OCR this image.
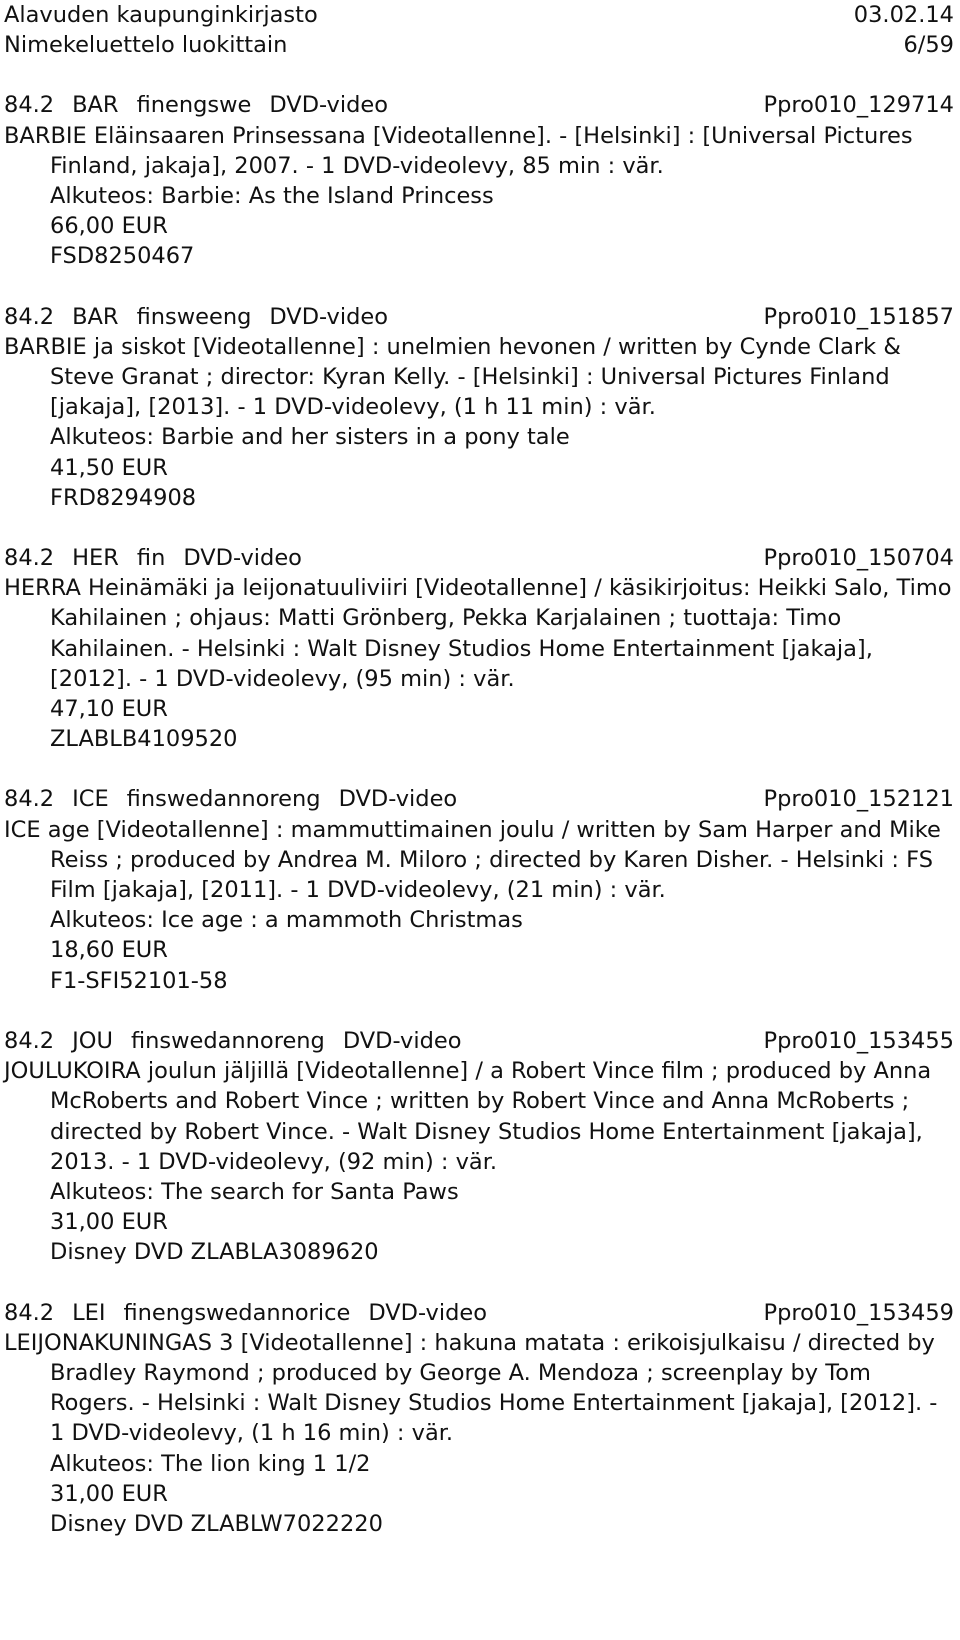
Alavuden kaupunginkirjasto	03.02.14
Nimekeluettelo luokittain	6/59
84.2 BAR finengswe DVD-video	Ppro010_129714
BARBIE Eläinsaaren Prinsessana [Videotallenne]. - [Helsinki] : [Universal Pictures Finland, jakaja], 2007. - 1 DVD-videolevy, 85 min : vär.
Alkuteos: Barbie: As the Island Princess
66,00 EUR
FSD8250467
84.2 BAR finsweeng DVD-video	Ppro010_151857
BARBIE ja siskot [Videotallenne] : unelmien hevonen / written by Cynde Clark & Steve Granat ; director: Kyran Kelly. - [Helsinki] : Universal Pictures Finland [jakaja], [2013]. - 1 DVD-videolevy, (1 h 11 min) : vär.
Alkuteos: Barbie and her sisters in a pony tale
41,50 EUR
FRD8294908
84.2 HER fin DVD-video	Ppro010_150704
HERRA Heinämäki ja leijonatuuliviiri [Videotallenne] / käsikirjoitus: Heikki Salo, Timo Kahilainen ; ohjaus: Matti Grönberg, Pekka Karjalainen ; tuottaja: Timo Kahilainen. - Helsinki : Walt Disney Studios Home Entertainment [jakaja], [2012]. - 1 DVD-videolevy, (95 min) : vär.
47,10 EUR
ZLABLB4109520
84.2 ICE finswedannoreng DVD-video	Ppro010_152121
ICE age [Videotallenne] : mammuttimainen joulu / written by Sam Harper and Mike Reiss ; produced by Andrea M. Miloro ; directed by Karen Disher. - Helsinki : FS Film [jakaja], [2011]. - 1 DVD-videolevy, (21 min) : vär.
Alkuteos: Ice age : a mammoth Christmas
18,60 EUR
F1-SFI52101-58
84.2 JOU finswedannoreng DVD-video	Ppro010_153455
JOULUKOIRA joulun jäljillä [Videotallenne] / a Robert Vince film ; produced by Anna McRoberts and Robert Vince ; written by Robert Vince and Anna McRoberts ; directed by Robert Vince. - Walt Disney Studios Home Entertainment [jakaja], 2013. - 1 DVD-videolevy, (92 min) : vär.
Alkuteos: The search for Santa Paws
31,00 EUR
Disney DVD ZLABLA3089620
84.2 LEI finengswedannorice DVD-video	Ppro010_153459
LEIJONAKUNINGAS 3 [Videotallenne] : hakuna matata : erikoisjulkaisu / directed by Bradley Raymond ; produced by George A. Mendoza ; screenplay by Tom Rogers. - Helsinki : Walt Disney Studios Home Entertainment [jakaja], [2012]. - 1 DVD-videolevy, (1 h 16 min) : vär.
Alkuteos: The lion king 1 1/2
31,00 EUR
Disney DVD ZLABLW7022220
